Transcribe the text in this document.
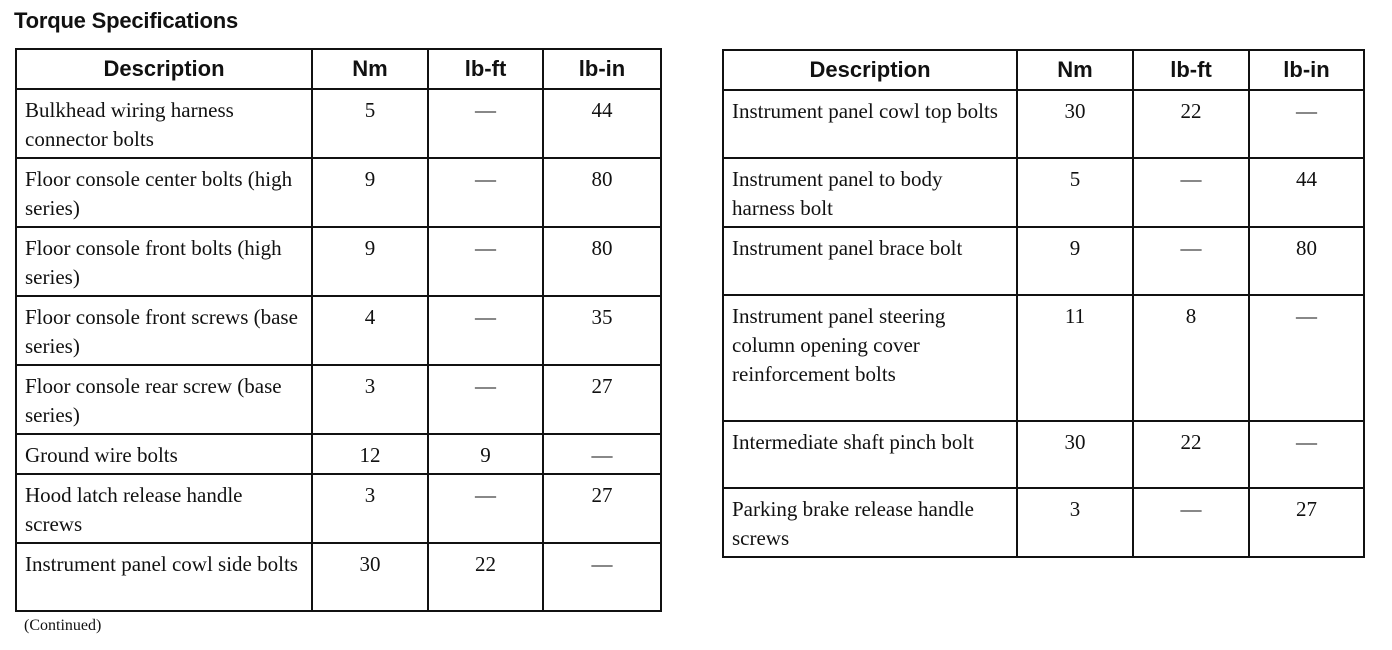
Torque Specifications
Description	Nm	lb-ft	lb-in
Bulkhead wiring harness connector bolts	5	—	44
Floor console center bolts (high series)	9	—	80
Floor console front bolts (high series)	9	—	80
Floor console front screws (base series)	4	—	35
Floor console rear screw (base series)	3	—	27
Ground wire bolts	12	9	—
Hood latch release handle screws	3	—	27
Instrument panel cowl side bolts	30	22	—
Description	Nm	lb-ft	lb-in
Instrument panel cowl top bolts	30	22	—
Instrument panel to body harness bolt	5	—	44
Instrument panel brace bolt	9	—	80
Instrument panel steering column opening cover reinforcement bolts	11	8	—
Intermediate shaft pinch bolt	30	22	—
Parking brake release handle screws	3	—	27

(Continued)
